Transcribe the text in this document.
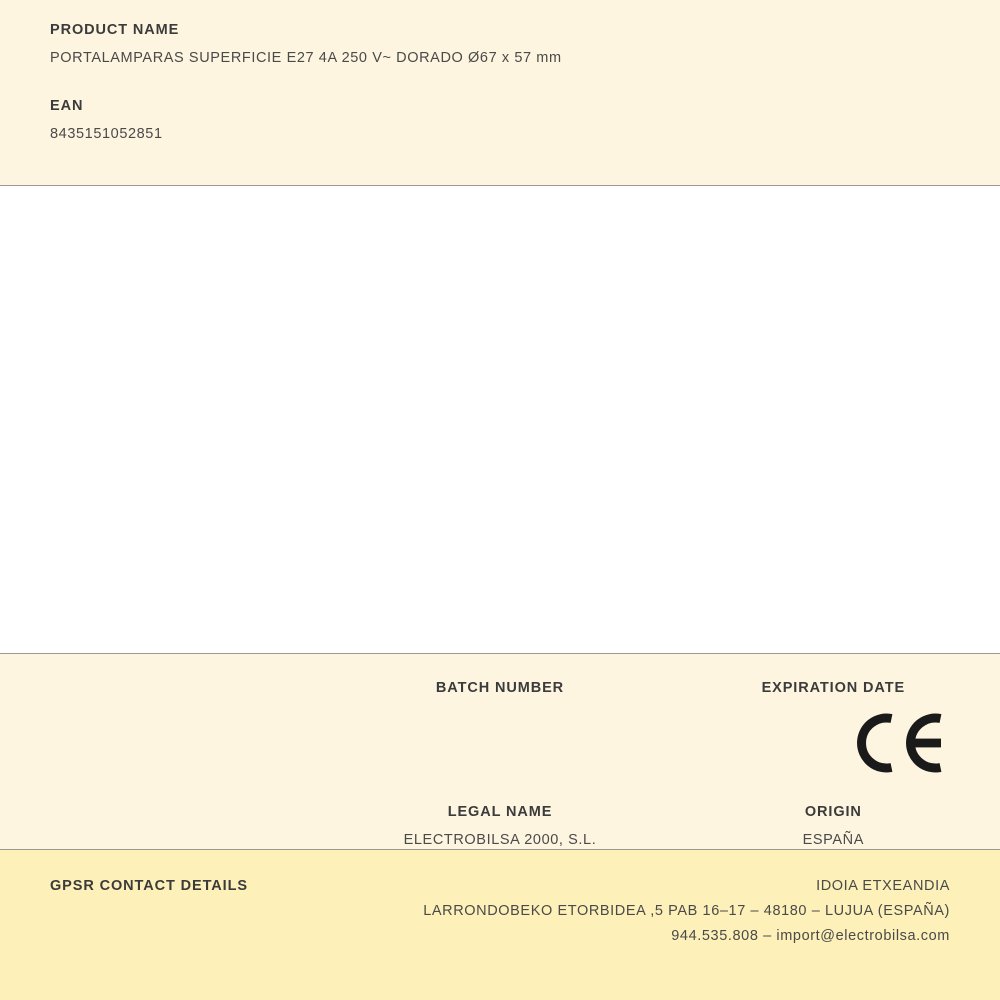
PRODUCT NAME

PORTALAMPARAS SUPERFICIE E27 4A 250 V~ DORADO Ø67 x 57 mm

EAN

8435151052851

BATCH NUMBER	EXPIRATION DATE

LEGAL NAME

ELECTROBILSA 2000, S.L.

ORIGIN

ESPAÑA

GPSR CONTACT DETAILS	IDOIA ETXEANDIA

LARRONDOBEKO ETORBIDEA ,5 PAB 16–17 – 48180 – LUJUA (ESPAÑA)

944.535.808 – import@electrobilsa.com
